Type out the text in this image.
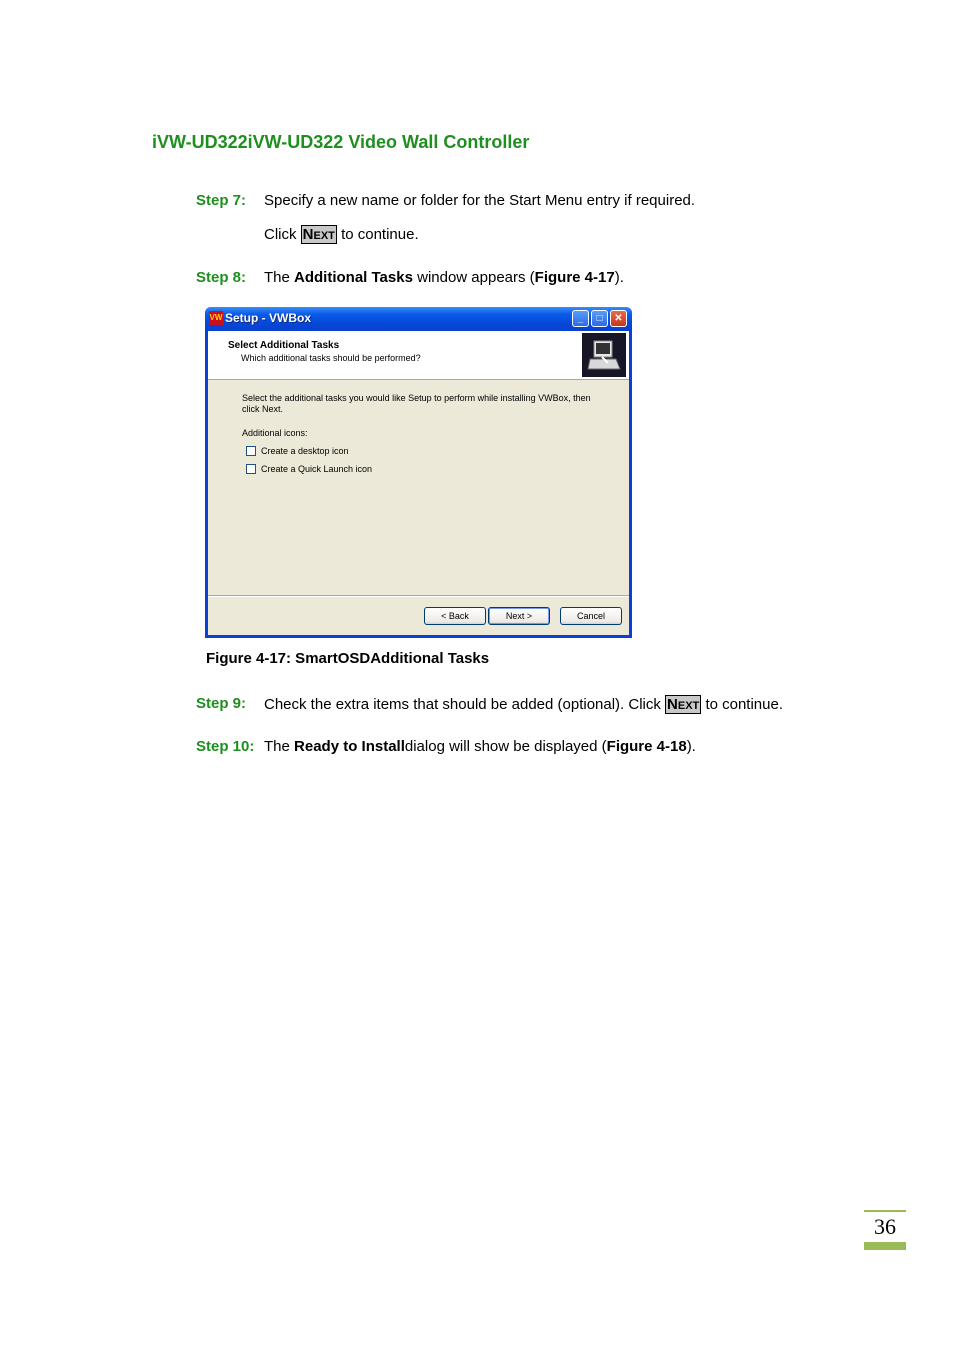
iVW-UD322iVW-UD322 Video Wall Controller
Step 7: Specify a new name or folder for the Start Menu entry if required.
Click Next to continue.
Step 8: The Additional Tasks window appears (Figure 4-17).
VW Setup - VWBox	_	□	✕
Select Additional Tasks
Which additional tasks should be performed?
Select the additional tasks you would like Setup to perform while installing VWBox, then
click Next.
Additional icons:
Create a desktop icon
Create a Quick Launch icon
< Back	Next >	Cancel
Figure 4-17: SmartOSDAdditional Tasks
Step 9: Check the extra items that should be added (optional). Click Next to continue.
Step 10: The Ready to Installdialog will show be displayed (Figure 4-18).
36
